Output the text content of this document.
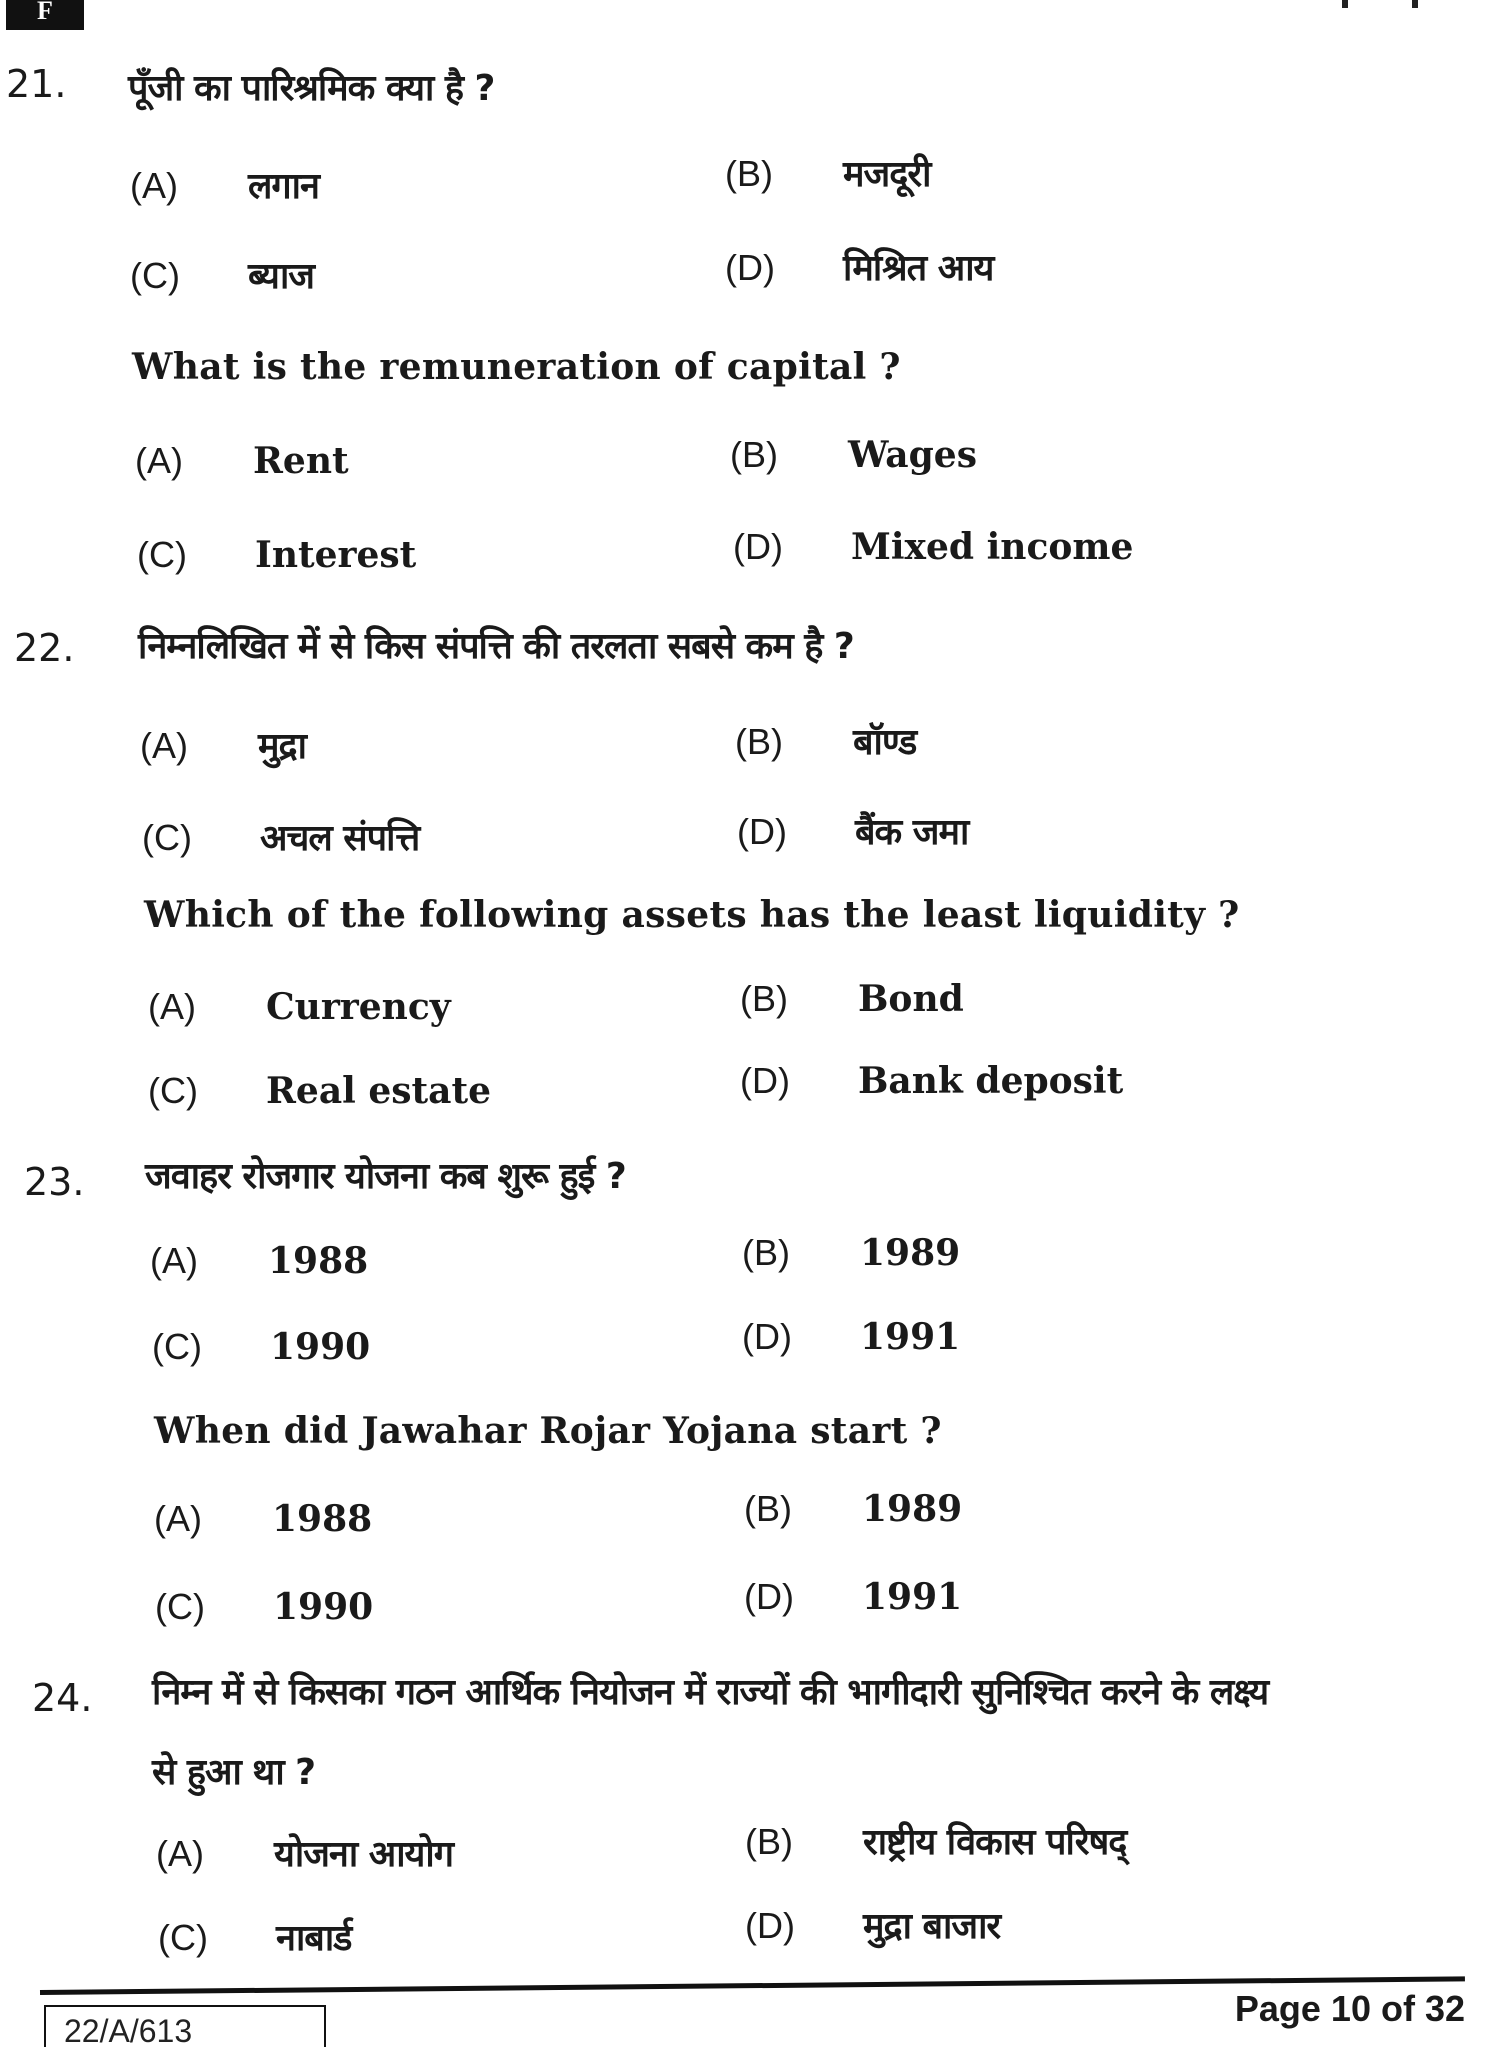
F
21. पूँजी का पारिश्रमिक क्या है ?
(A) लगान	(B) मजदूरी
(C) ब्याज	(D) मिश्रित आय
What is the remuneration of capital ?
(A) Rent	(B) Wages
(C) Interest	(D) Mixed income
22. निम्नलिखित में से किस संपत्ति की तरलता सबसे कम है ?
(A) मुद्रा	(B) बॉण्ड
(C) अचल संपत्ति	(D) बैंक जमा
Which of the following assets has the least liquidity ?
(A) Currency	(B) Bond
(C) Real estate	(D) Bank deposit
23. जवाहर रोजगार योजना कब शुरू हुई ?
(A) 1988	(B) 1989
(C) 1990	(D) 1991
When did Jawahar Rojar Yojana start ?
(A) 1988	(B) 1989
(C) 1990	(D) 1991
24. निम्न में से किसका गठन आर्थिक नियोजन में राज्यों की भागीदारी सुनिश्चित करने के लक्ष्य
से हुआ था ?
(A) योजना आयोग	(B) राष्ट्रीय विकास परिषद्
(C) नाबार्ड	(D) मुद्रा बाजार
22/A/613
Page 10 of 32
